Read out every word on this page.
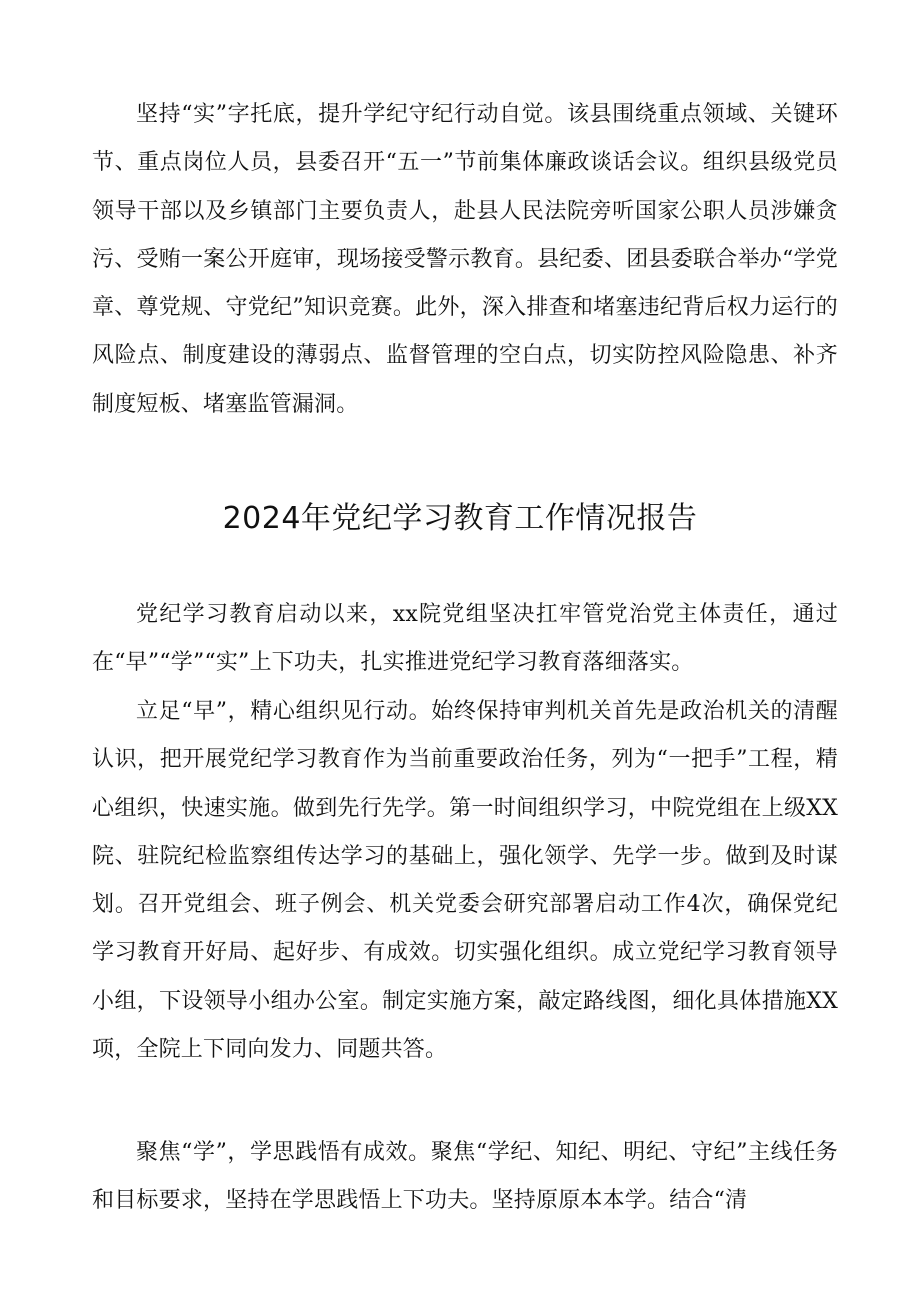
坚持“实”字托底，提升学纪守纪行动自觉。该县围绕重点领域、关键环节、重点岗位人员，县委召开“五一”节前集体廉政谈话会议。组织县级党员领导干部以及乡镇部门主要负责人，赴县人民法院旁听国家公职人员涉嫌贪污、受贿一案公开庭审，现场接受警示教育。县纪委、团县委联合举办“学党章、尊党规、守党纪”知识竞赛。此外，深入排查和堵塞违纪背后权力运行的风险点、制度建设的薄弱点、监督管理的空白点，切实防控风险隐患、补齐制度短板、堵塞监管漏洞。

2024年党纪学习教育工作情况报告

党纪学习教育启动以来，xx院党组坚决扛牢管党治党主体责任，通过在“早”“学”“实”上下功夫，扎实推进党纪学习教育落细落实。

立足“早”，精心组织见行动。始终保持审判机关首先是政治机关的清醒认识，把开展党纪学习教育作为当前重要政治任务，列为“一把手”工程，精心组织，快速实施。做到先行先学。第一时间组织学习，中院党组在上级XX院、驻院纪检监察组传达学习的基础上，强化领学、先学一步。做到及时谋划。召开党组会、班子例会、机关党委会研究部署启动工作4次，确保党纪学习教育开好局、起好步、有成效。切实强化组织。成立党纪学习教育领导小组，下设领导小组办公室。制定实施方案，敲定路线图，细化具体措施XX项，全院上下同向发力、同题共答。

聚焦“学”，学思践悟有成效。聚焦“学纪、知纪、明纪、守纪”主线任务和目标要求，坚持在学思践悟上下功夫。坚持原原本本学。结合“清
